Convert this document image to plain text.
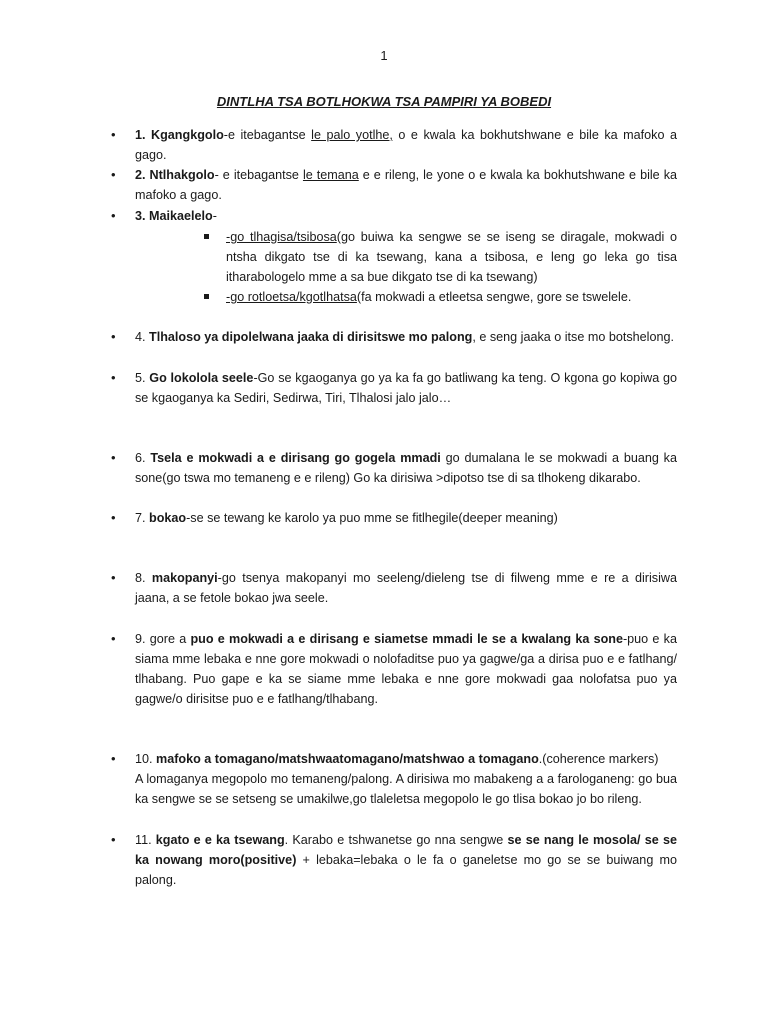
1
DINTLHA TSA BOTLHOKWA TSA PAMPIRI YA BOBEDI
• 1. Kgangkgolo-e itebagantse le palo yotlhe, o e kwala ka bokhutshwane e bile ka mafoko a gago.
• 2. Ntlhakgolo- e itebagantse le temana e e rileng, le yone o e kwala ka bokhutshwane e bile ka mafoko a gago.
• 3. Maikaelelo-
-go tlhagisa/tsibosa(go buiwa ka sengwe se se iseng se diragale, mokwadi o ntsha dikgato tse di ka tsewang, kana a tsibosa, e leng go leka go tisa itharabologelo mme a sa bue dikgato tse di ka tsewang)
-go rotloetsa/kgotlhatsa(fa mokwadi a etleetsa sengwe, gore se tswelele.
• 4. Tlhaloso ya dipolelwana jaaka di dirisitswe mo palong, e seng jaaka o itse mo botshelong.
• 5. Go lokolola seele-Go se kgaoganya go ya ka fa go batliwang ka teng. O kgona go kopiwa go se kgaoganya ka Sediri, Sedirwa, Tiri, Tlhalosi jalo jalo…
• 6. Tsela e mokwadi a e dirisang go gogela mmadi go dumalana le se mokwadi a buang ka sone(go tswa mo temaneng e e rileng) Go ka dirisiwa >dipotso tse di sa tlhokeng dikarabo.
• 7. bokao-se se tewang ke karolo ya puo mme se fitlhegile(deeper meaning)
• 8. makopanyi-go tsenya makopanyi mo seeleng/dieleng tse di filweng mme e re a dirisiwa jaana, a se fetole bokao jwa seele.
• 9. gore a puo e mokwadi a e dirisang e siametse mmadi le se a kwalang ka sone-puo e ka siama mme lebaka e nne gore mokwadi o nolofaditse puo ya gagwe/ga a dirisa puo e e fatlhang/ tlhabang. Puo gape e ka se siame mme lebaka e nne gore mokwadi gaa nolofatsa puo ya gagwe/o dirisitse puo e e fatlhang/tlhabang.
• 10. mafoko a tomagano/matshwaatomagano/matshwao a tomagano.(coherence markers)
A lomaganya megopolo mo temaneng/palong. A dirisiwa mo mabakeng a a farologaneng: go bua ka sengwe se se setseng se umakilwe,go tlaleletsa megopolo le go tlisa bokao jo bo rileng.
• 11. kgato e e ka tsewang. Karabo e tshwanetse go nna sengwe se se nang le mosola/ se se ka nowang moro(positive) + lebaka=lebaka o le fa o ganeletse mo go se se buiwang mo palong.
